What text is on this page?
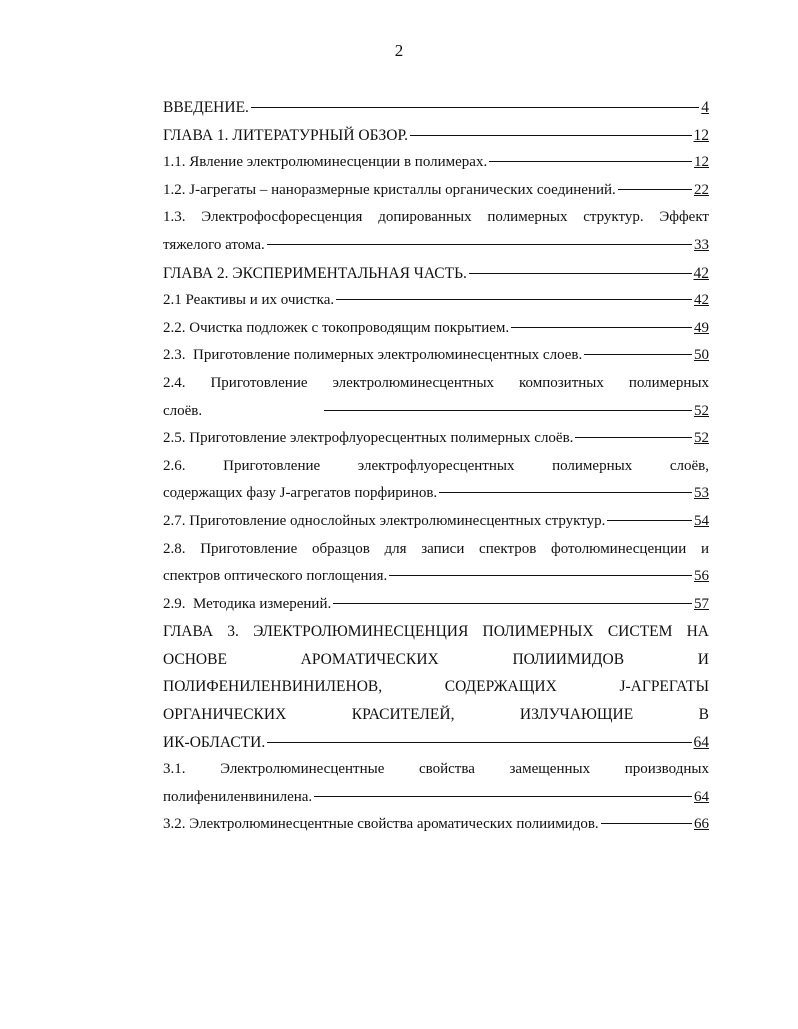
2
ВВЕДЕНИЕ.	4
ГЛАВА 1. ЛИТЕРАТУРНЫЙ ОБЗОР.	12
1.1. Явление электролюминесценции в полимерах.	12
1.2. J-агрегаты – наноразмерные кристаллы органических соединений.	22
1.3. Электрофосфоресценция допированных полимерных структур. Эффект
тяжелого атома.	33
ГЛАВА 2. ЭКСПЕРИМЕНТАЛЬНАЯ ЧАСТЬ.	42
2.1 Реактивы и их очистка.	42
2.2. Очистка подложек с токопроводящим покрытием.	49
2.3.  Приготовление полимерных электролюминесцентных слоев.	50
2.4. Приготовление электролюминесцентных композитных полимерных
слоёв.	52
2.5. Приготовление электрофлуоресцентных полимерных слоёв.	52
2.6.	Приготовление	электрофлуоресцентных	полимерных	слоёв,
содержащих фазу J-агрегатов порфиринов.	53
2.7. Приготовление однослойных электролюминесцентных структур.	54
2.8. Приготовление образцов для записи спектров фотолюминесценции и
спектров оптического поглощения.	56
2.9.  Методика измерений.	57
ГЛАВА 3. ЭЛЕКТРОЛЮМИНЕСЦЕНЦИЯ ПОЛИМЕРНЫХ СИСТЕМ НА
ОСНОВЕ	АРОМАТИЧЕСКИХ	ПОЛИИМИДОВ	И
ПОЛИФЕНИЛЕНВИНИЛЕНОВ,	СОДЕРЖАЩИХ	J-АГРЕГАТЫ
ОРГАНИЧЕСКИХ	КРАСИТЕЛЕЙ,	ИЗЛУЧАЮЩИЕ	В
ИК-ОБЛАСТИ.	64
3.1. Электролюминесцентные свойства замещенных производных
полифениленвинилена.	64
3.2. Электролюминесцентные свойства ароматических полиимидов.	66
